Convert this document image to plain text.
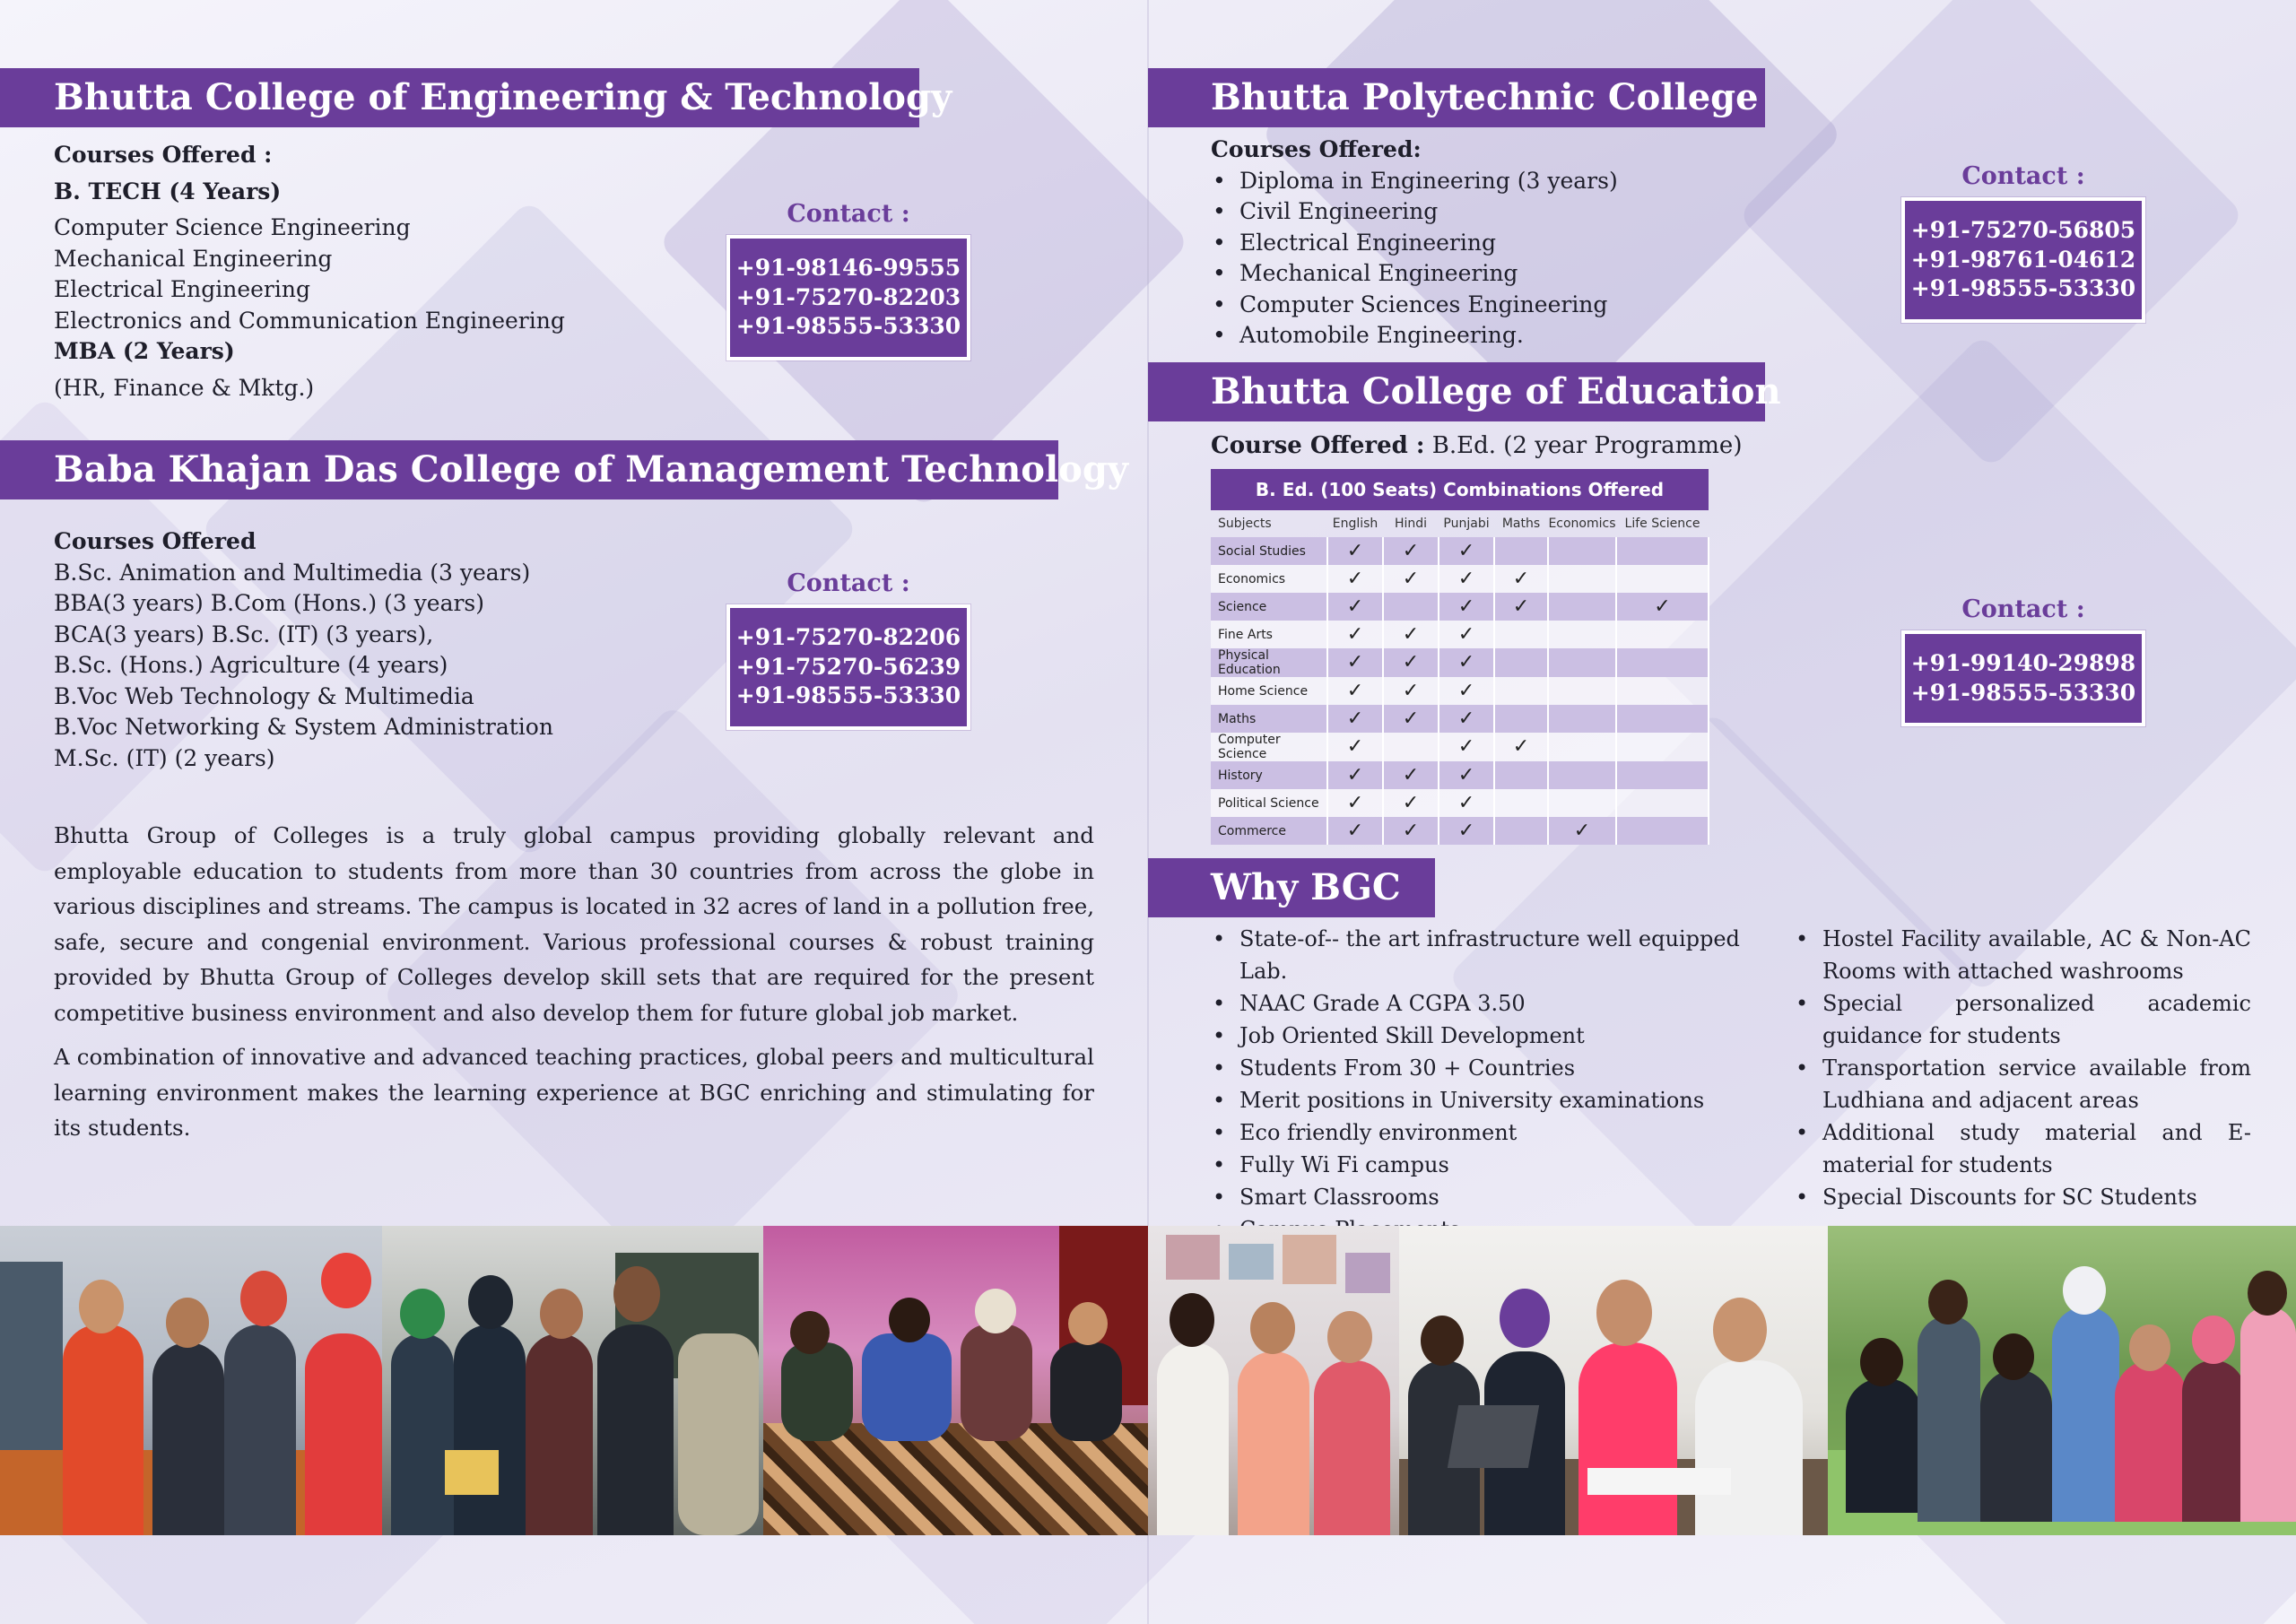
Bhutta College of Engineering & Technology
Courses Offered :
B. TECH (4 Years)
Computer Science Engineering
Mechanical Engineering
Electrical Engineering
Electronics and Communication Engineering
MBA (2 Years)
(HR, Finance & Mktg.)
Contact :
+91-98146-99555
+91-75270-82203
+91-98555-53330
Baba Khajan Das College of Management Technology
Courses Offered
B.Sc. Animation and Multimedia (3 years)
BBA(3 years) B.Com (Hons.) (3 years)
BCA(3 years) B.Sc. (IT) (3 years),
B.Sc. (Hons.) Agriculture (4 years)
B.Voc Web Technology & Multimedia
B.Voc Networking & System Administration
M.Sc. (IT) (2 years)
Contact :
+91-75270-82206
+91-75270-56239
+91-98555-53330
Bhutta Group of Colleges is a truly global campus providing globally relevant and employable education to students from more than 30 countries from across the globe in various disciplines and streams. The campus is located in 32 acres of land in a pollution free, safe, secure and congenial environment. Various professional courses & robust training provided by Bhutta Group of Colleges develop skill sets that are required for the present competitive business environment and also develop them for future global job market.
A combination of innovative and advanced teaching practices, global peers and multicultural learning environment makes the learning experience at BGC enriching and stimulating for its students.
Bhutta Polytechnic College
Courses Offered:
• Diploma in Engineering (3 years)
• Civil Engineering
• Electrical Engineering
• Mechanical Engineering
• Computer Sciences Engineering
• Automobile Engineering.
Contact :
+91-75270-56805
+91-98761-04612
+91-98555-53330
Bhutta College of Education
Course Offered : B.Ed. (2 year Programme)
B. Ed. (100 Seats) Combinations Offered
Subjects	English	Hindi	Punjabi	Maths	Economics	Life Science
Social Studies	✓	✓	✓			
Economics	✓	✓	✓	✓		
Science	✓		✓	✓		✓
Fine Arts	✓	✓	✓			
Physical Education	✓	✓	✓			
Home Science	✓	✓	✓			
Maths	✓	✓	✓			
Computer Science	✓		✓	✓		
History	✓	✓	✓			
Political Science	✓	✓	✓			
Commerce	✓	✓	✓		✓	
Contact :
+91-99140-29898
+91-98555-53330
Why BGC
• State-of-- the art infrastructure well equipped Lab.
• NAAC Grade A CGPA 3.50
• Job Oriented Skill Development
• Students From 30 + Countries
• Merit positions in University examinations
• Eco friendly environment
• Fully Wi Fi campus
• Smart Classrooms
•
• Hostel Facility available, AC & Non-AC Rooms with attached washrooms
• Special personalized academic guidance for students
• Transportation service available from Ludhiana and adjacent areas
• Additional study material and E-material for students
• Special Discounts for SC Students
